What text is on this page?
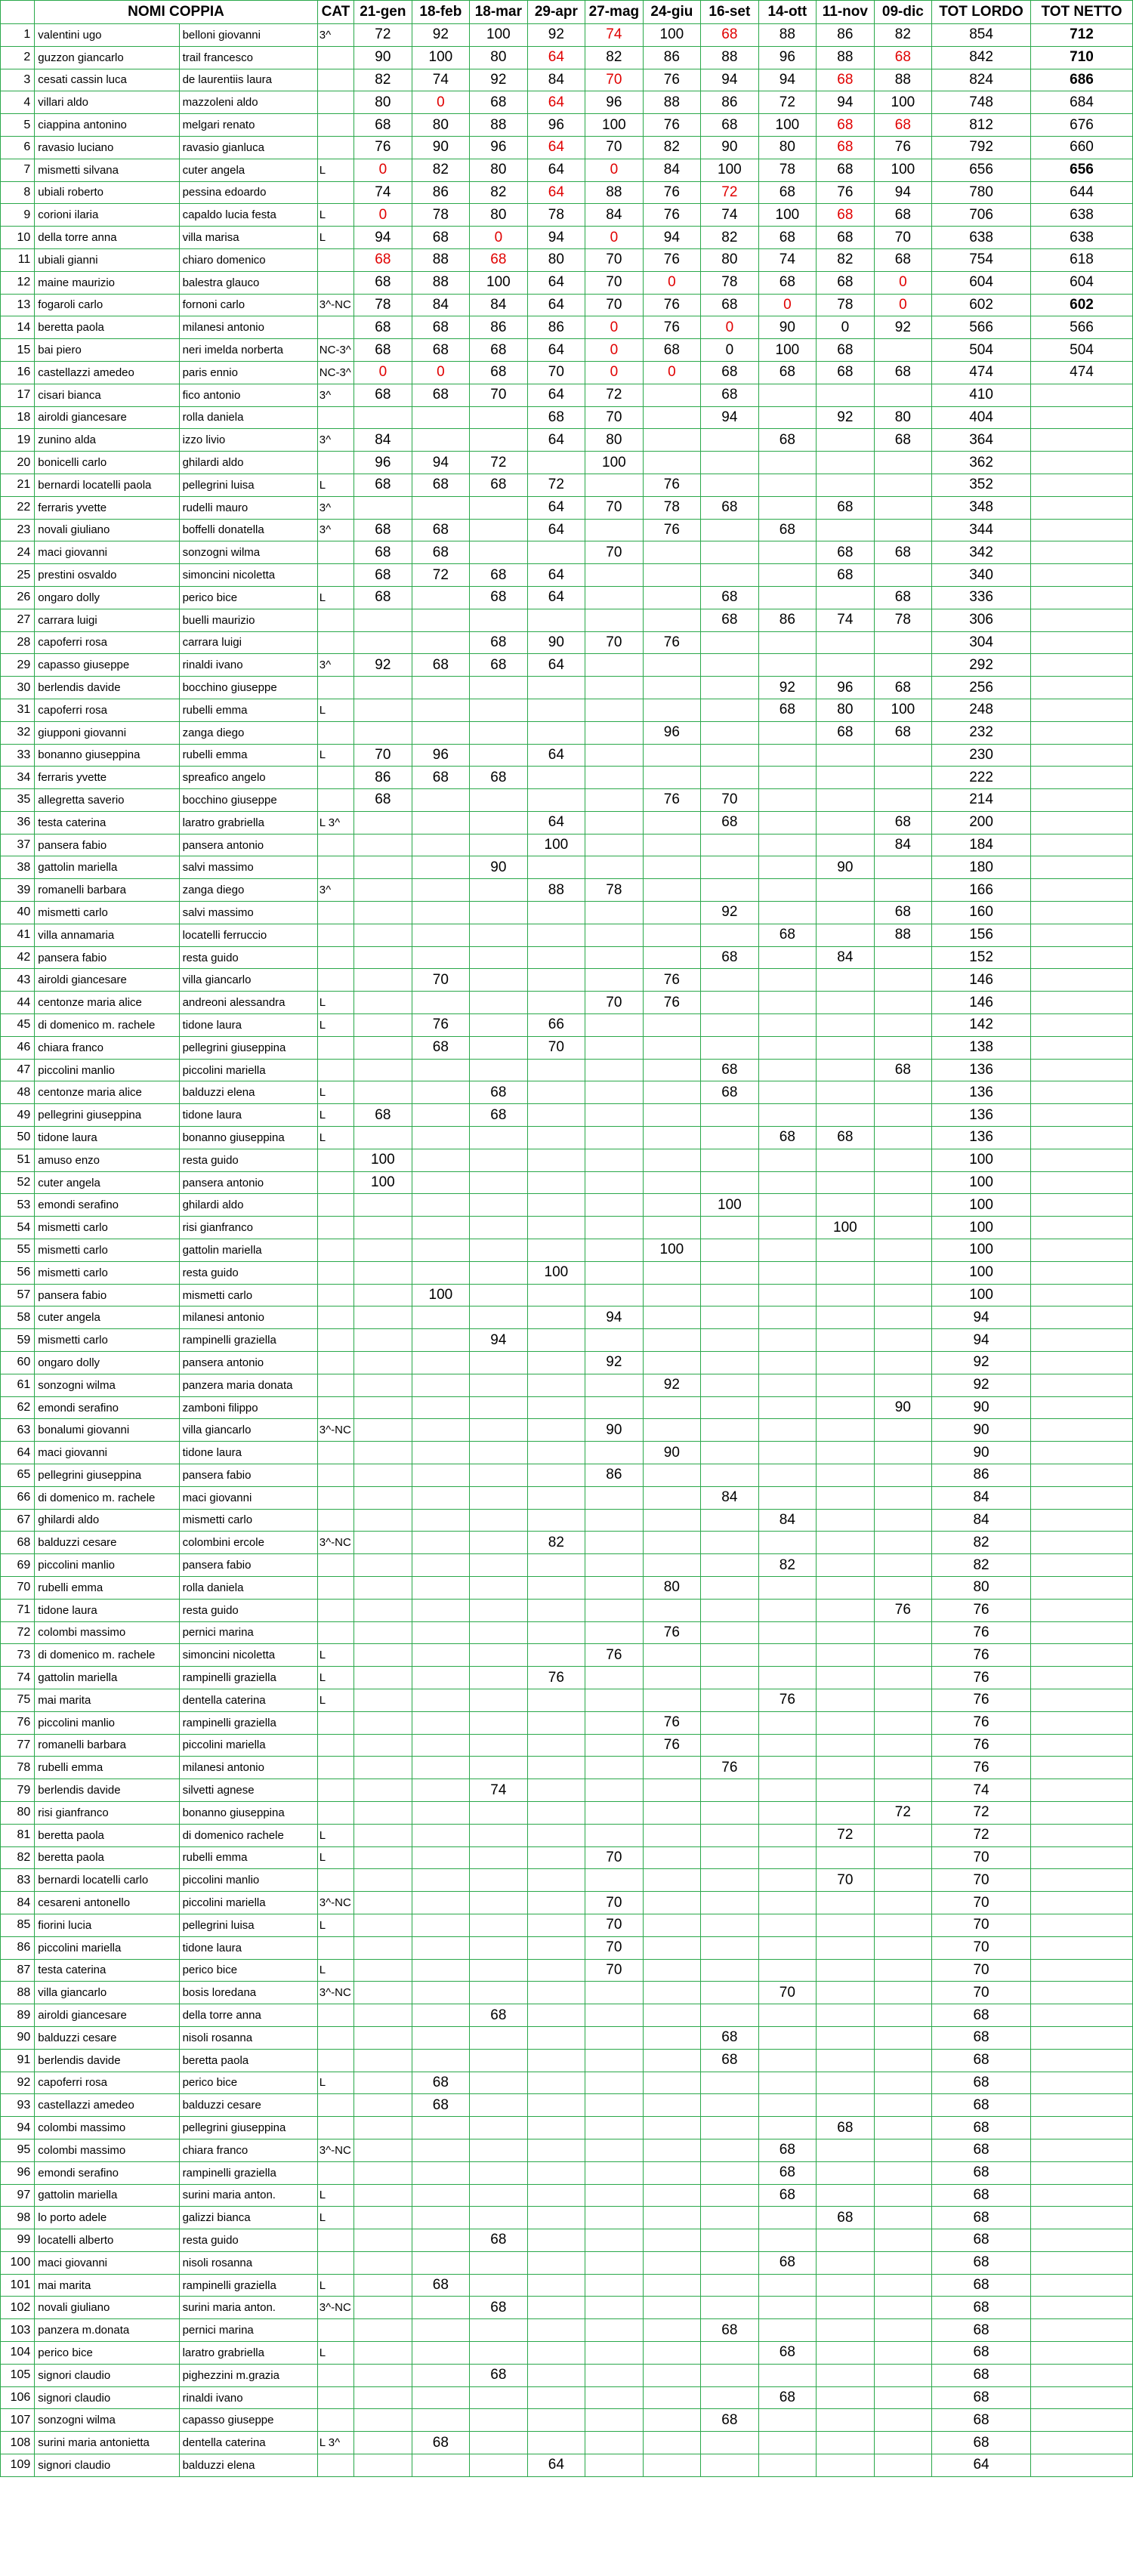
	NOMI COPPIA		CAT	21-gen	18-feb	18-mar	29-apr	27-mag	24-giu	16-set	14-ott	11-nov	09-dic	TOT LORDO	TOT NETTO
1	valentini ugo	belloni giovanni	3^	72	92	100	92	74	100	68	88	86	82	854	712
2	guzzon giancarlo	trail francesco		90	100	80	64	82	86	88	96	88	68	842	710
3	cesati cassin luca	de laurentiis laura		82	74	92	84	70	76	94	94	68	88	824	686
4	villari aldo	mazzoleni aldo		80	0	68	64	96	88	86	72	94	100	748	684
5	ciappina antonino	melgari renato		68	80	88	96	100	76	68	100	68	68	812	676
6	ravasio luciano	ravasio gianluca		76	90	96	64	70	82	90	80	68	76	792	660
7	mismetti silvana	cuter angela	L	0	82	80	64	0	84	100	78	68	100	656	656
8	ubiali roberto	pessina edoardo		74	86	82	64	88	76	72	68	76	94	780	644
9	corioni ilaria	capaldo lucia festa	L	0	78	80	78	84	76	74	100	68	68	706	638
10	della torre anna	villa marisa	L	94	68	0	94	0	94	82	68	68	70	638	638
11	ubiali gianni	chiaro domenico		68	88	68	80	70	76	80	74	82	68	754	618
12	maine maurizio	balestra glauco		68	88	100	64	70	0	78	68	68	0	604	604
13	fogaroli carlo	fornoni carlo	3^-NC	78	84	84	64	70	76	68	0	78	0	602	602
14	beretta paola	milanesi antonio		68	68	86	86	0	76	0	90	0	92	566	566
15	bai piero	neri imelda norberta	NC-3^	68	68	68	64	0	68	0	100	68		504	504
16	castellazzi amedeo	paris ennio	NC-3^	0	0	68	70	0	0	68	68	68	68	474	474
17	cisari bianca	fico antonio	3^	68	68	70	64	72		68				410	
18	airoldi giancesare	rolla daniela					68	70		94		92	80	404	
19	zunino alda	izzo livio	3^	84			64	80			68		68	364	
20	bonicelli carlo	ghilardi aldo		96	94	72		100						362	
21	bernardi locatelli paola	pellegrini luisa	L	68	68	68	72		76					352	
22	ferraris yvette	rudelli mauro	3^				64	70	78	68		68		348	
23	novali giuliano	boffelli donatella	3^	68	68		64		76		68			344	
24	maci giovanni	sonzogni wilma		68	68			70				68	68	342	
25	prestini osvaldo	simoncini nicoletta		68	72	68	64					68		340	
26	ongaro dolly	perico bice	L	68		68	64			68			68	336	
27	carrara luigi	buelli maurizio								68	86	74	78	306	
28	capoferri rosa	carrara luigi				68	90	70	76					304	
29	capasso giuseppe	rinaldi ivano	3^	92	68	68	64							292	
30	berlendis davide	bocchino giuseppe									92	96	68	256	
31	capoferri rosa	rubelli emma	L								68	80	100	248	
32	giupponi giovanni	zanga diego							96			68	68	232	
33	bonanno giuseppina	rubelli emma	L	70	96		64							230	
34	ferraris yvette	spreafico angelo		86	68	68								222	
35	allegretta saverio	bocchino giuseppe		68					76	70				214	
36	testa caterina	laratro grabriella	L 3^				64			68			68	200	
37	pansera fabio	pansera antonio					100						84	184	
38	gattolin mariella	salvi massimo				90						90		180	
39	romanelli barbara	zanga diego	3^				88	78						166	
40	mismetti carlo	salvi massimo								92			68	160	
41	villa annamaria	locatelli ferruccio									68		88	156	
42	pansera fabio	resta guido								68		84		152	
43	airoldi giancesare	villa giancarlo			70				76					146	
44	centonze maria alice	andreoni alessandra	L					70	76					146	
45	di domenico m. rachele	tidone laura	L		76		66							142	
46	chiara franco	pellegrini giuseppina			68		70							138	
47	piccolini manlio	piccolini mariella								68			68	136	
48	centonze maria alice	balduzzi elena	L			68				68				136	
49	pellegrini giuseppina	tidone laura	L	68		68								136	
50	tidone laura	bonanno giuseppina	L								68	68		136	
51	amuso enzo	resta guido		100										100	
52	cuter angela	pansera antonio		100										100	
53	emondi serafino	ghilardi aldo								100				100	
54	mismetti carlo	risi gianfranco										100		100	
55	mismetti carlo	gattolin mariella							100					100	
56	mismetti carlo	resta guido					100							100	
57	pansera fabio	mismetti carlo			100									100	
58	cuter angela	milanesi antonio						94						94	
59	mismetti carlo	rampinelli graziella				94								94	
60	ongaro dolly	pansera antonio						92						92	
61	sonzogni wilma	panzera maria donata							92					92	
62	emondi serafino	zamboni filippo											90	90	
63	bonalumi giovanni	villa giancarlo	3^-NC					90						90	
64	maci giovanni	tidone laura							90					90	
65	pellegrini giuseppina	pansera fabio						86						86	
66	di domenico m. rachele	maci giovanni								84				84	
67	ghilardi aldo	mismetti carlo									84			84	
68	balduzzi cesare	colombini ercole	3^-NC				82							82	
69	piccolini manlio	pansera fabio									82			82	
70	rubelli emma	rolla daniela							80					80	
71	tidone laura	resta guido											76	76	
72	colombi massimo	pernici marina							76					76	
73	di domenico m. rachele	simoncini nicoletta	L					76						76	
74	gattolin mariella	rampinelli graziella	L				76							76	
75	mai marita	dentella caterina	L								76			76	
76	piccolini manlio	rampinelli graziella							76					76	
77	romanelli barbara	piccolini mariella							76					76	
78	rubelli emma	milanesi antonio								76				76	
79	berlendis davide	silvetti agnese				74								74	
80	risi gianfranco	bonanno giuseppina											72	72	
81	beretta paola	di domenico rachele	L									72		72	
82	beretta paola	rubelli emma	L					70						70	
83	bernardi locatelli carlo	piccolini manlio										70		70	
84	cesareni antonello	piccolini mariella	3^-NC					70						70	
85	fiorini lucia	pellegrini luisa	L					70						70	
86	piccolini mariella	tidone laura						70						70	
87	testa caterina	perico bice	L					70						70	
88	villa giancarlo	bosis loredana	3^-NC								70			70	
89	airoldi giancesare	della torre anna				68								68	
90	balduzzi cesare	nisoli rosanna								68				68	
91	berlendis davide	beretta paola								68				68	
92	capoferri rosa	perico bice	L		68									68	
93	castellazzi amedeo	balduzzi cesare			68									68	
94	colombi massimo	pellegrini giuseppina										68		68	
95	colombi massimo	chiara franco	3^-NC								68			68	
96	emondi serafino	rampinelli graziella									68			68	
97	gattolin mariella	surini maria anton.	L								68			68	
98	lo porto adele	galizzi bianca	L									68		68	
99	locatelli alberto	resta guido				68								68	
100	maci giovanni	nisoli rosanna									68			68	
101	mai marita	rampinelli graziella	L		68									68	
102	novali giuliano	surini maria anton.	3^-NC			68								68	
103	panzera m.donata	pernici marina								68				68	
104	perico bice	laratro grabriella	L								68			68	
105	signori claudio	pighezzini m.grazia				68								68	
106	signori claudio	rinaldi ivano									68			68	
107	sonzogni wilma	capasso giuseppe								68				68	
108	surini maria antonietta	dentella caterina	L 3^		68									68	
109	signori claudio	balduzzi elena					64							64	
